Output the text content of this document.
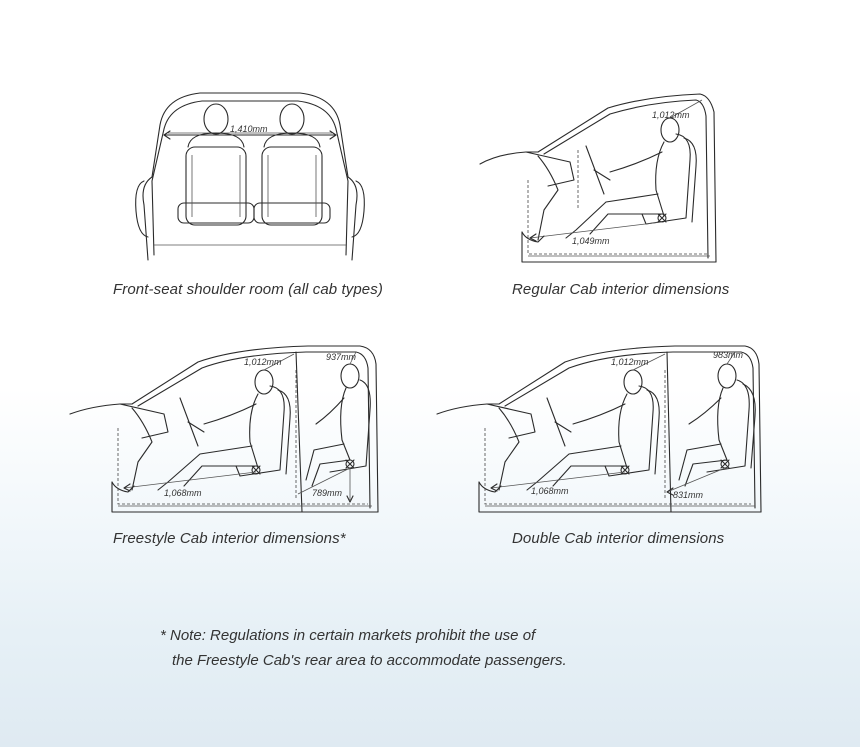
1,410mm
Front-seat shoulder room (all cab types)
1,012mm
1,049mm
Regular Cab interior dimensions
1,012mm	937mm
1,068mm	789mm
Freestyle Cab interior dimensions*
1,012mm
983mm
1,068mm	831mm
Double Cab interior dimensions
* Note: Regulations in certain markets prohibit the use of
the Freestyle Cab's rear area to accommodate passengers.
